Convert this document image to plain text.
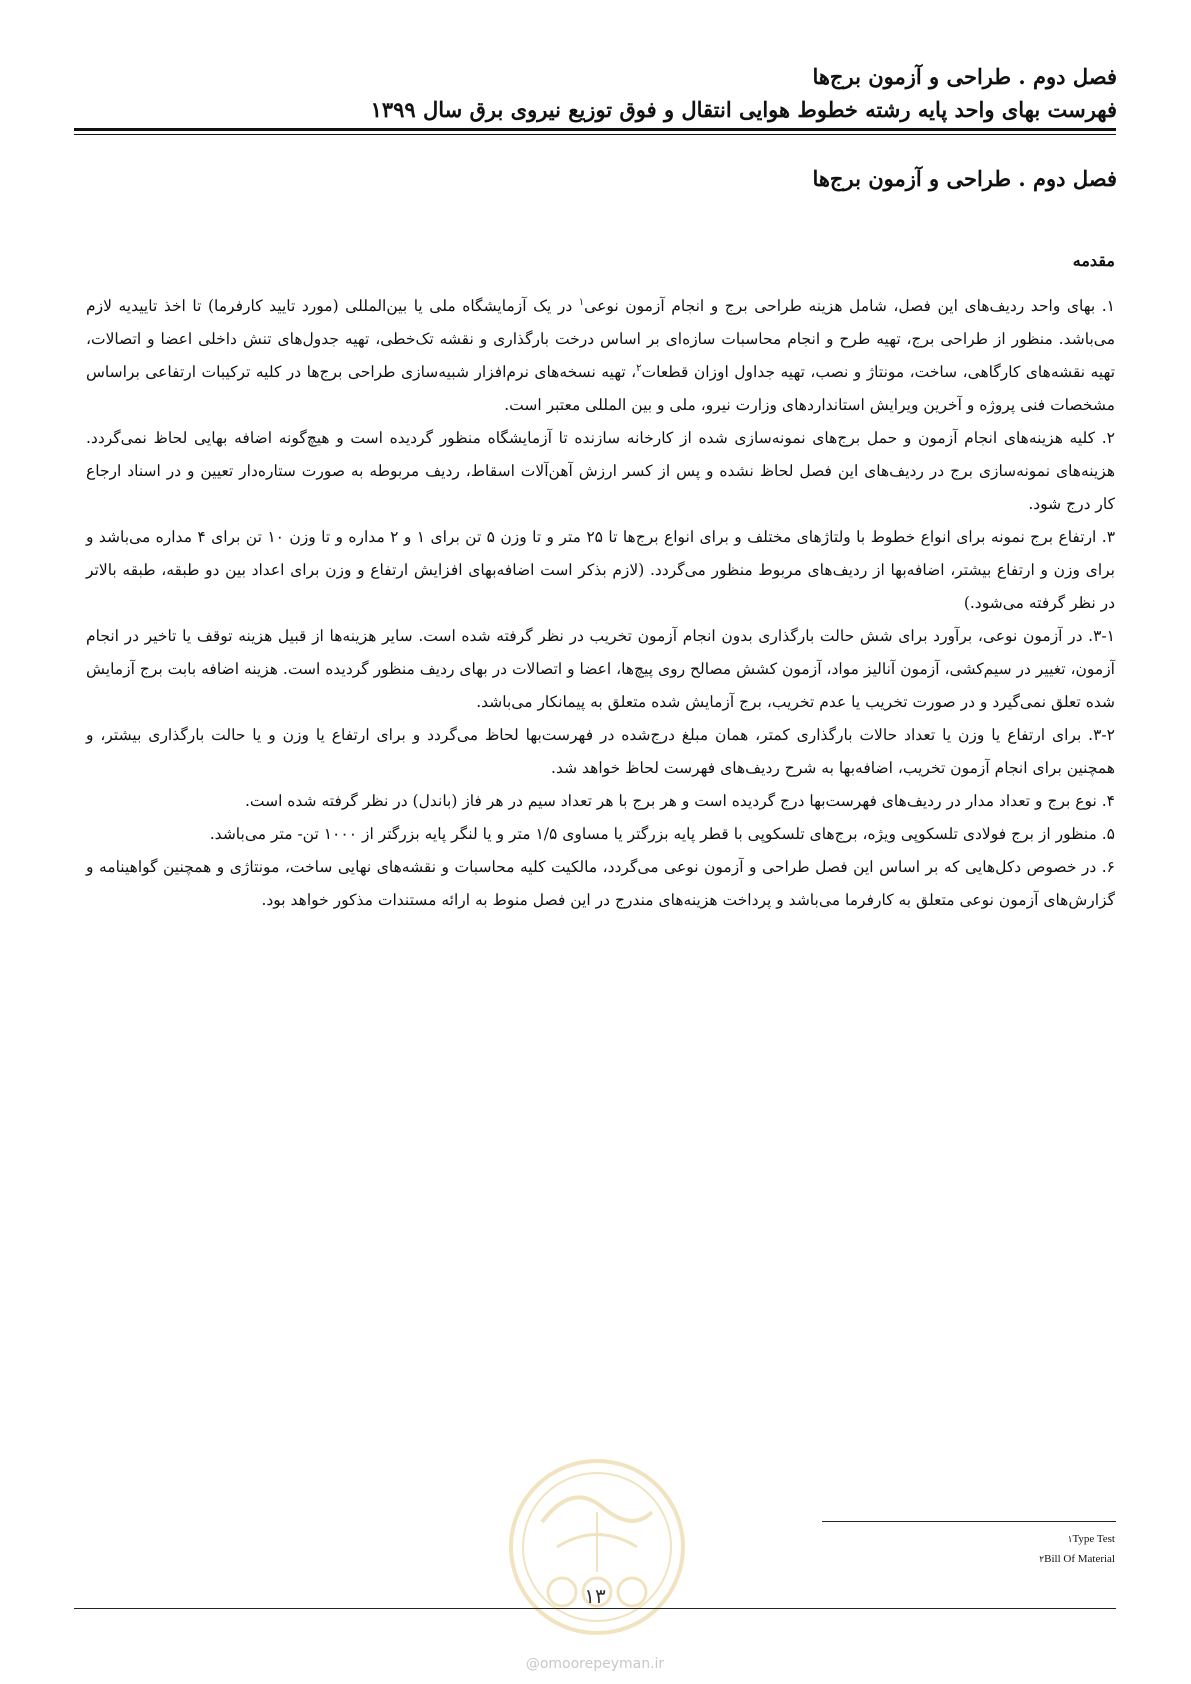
فصل دوم . طراحی و آزمون برج‌ها
فهرست بهای واحد پایه رشته خطوط هوایی انتقال و فوق توزیع نیروی برق سال ۱۳۹۹
فصل دوم . طراحی و آزمون برج‌ها
مقدمه

۱. بهای واحد ردیف‌های این فصل، شامل هزینه طراحی برج و انجام آزمون نوعی$^۱$ در یک آزمایشگاه ملی یا بین‌المللی (مورد تایید کارفرما) تا اخذ تاییدیه لازم می‌باشد. منظور از طراحی برج، تهیه طرح و انجام محاسبات سازه‌ای بر اساس درخت بارگذاری و نقشه تک‌خطی، تهیه جدول‌های تنش داخلی اعضا و اتصالات، تهیه نقشه‌های کارگاهی، ساخت، مونتاژ و نصب، تهیه جداول اوزان قطعات$^۲$، تهیه نسخه‌های نرم‌افزار شبیه‌سازی طراحی برج‌ها در کلیه ترکیبات ارتفاعی براساس مشخصات فنی پروژه و آخرین ویرایش استانداردهای وزارت نیرو، ملی و بین المللی معتبر است.

۲. کلیه هزینه‌های انجام آزمون و حمل برج‌های نمونه‌سازی شده از کارخانه سازنده تا آزمایشگاه منظور گردیده است و هیچ‌گونه اضافه بهایی لحاظ نمی‌گردد. هزینه‌های نمونه‌سازی برج در ردیف‌های این فصل لحاظ نشده و پس از کسر ارزش آهن‌آلات اسقاط، ردیف مربوطه به صورت ستاره‌دار تعیین و در اسناد ارجاع کار درج شود.

۳. ارتفاع برج نمونه برای انواع خطوط با ولتاژهای مختلف و برای انواع برج‌ها تا ۲۵ متر و تا وزن ۵ تن برای ۱ و ۲ مداره و تا وزن ۱۰ تن برای ۴ مداره می‌باشد و برای وزن و ارتفاع بیشتر، اضافه‌بها از ردیف‌های مربوط منظور می‌گردد. (لازم بذکر است اضافه‌بهای افزایش ارتفاع و وزن برای اعداد بین دو طبقه، طبقه بالاتر در نظر گرفته می‌شود.)

۳-۱. در آزمون نوعی، برآورد برای شش حالت بارگذاری بدون انجام آزمون تخریب در نظر گرفته شده است. سایر هزینه‌ها از قبیل هزینه توقف یا تاخیر در انجام آزمون، تغییر در سیم‌کشی، آزمون آنالیز مواد، آزمون کشش مصالح روی پیچ‌ها، اعضا و اتصالات در بهای ردیف منظور گردیده است. هزینه اضافه بابت برج آزمایش شده تعلق نمی‌گیرد و در صورت تخریب یا عدم تخریب، برج آزمایش شده متعلق به پیمانکار می‌باشد.

۳-۲. برای ارتفاع یا وزن یا تعداد حالات بارگذاری کمتر، همان مبلغ درج‌شده در فهرست‌بها لحاظ می‌گردد و برای ارتفاع یا وزن و یا حالت بارگذاری بیشتر، و همچنین برای انجام آزمون تخریب، اضافه‌بها به شرح ردیف‌های فهرست لحاظ خواهد شد.

۴. نوع برج و تعداد مدار در ردیف‌های فهرست‌بها درج گردیده است و هر برج با هر تعداد سیم در هر فاز (باندل) در نظر گرفته شده است.

۵. منظور از برج فولادی تلسکوپی ویژه، برج‌های تلسکوپی با قطر پایه بزرگتر یا مساوی ۱/۵ متر و یا لنگر پایه بزرگتر از ۱۰۰۰ تن- متر می‌باشد.

۶. در خصوص دکل‌هایی که بر اساس این فصل طراحی و آزمون نوعی می‌گردد، مالکیت کلیه محاسبات و نقشه‌های نهایی ساخت، مونتاژی و همچنین گواهینامه و گزارش‌های آزمون نوعی متعلق به کارفرما می‌باشد و پرداخت هزینه‌های مندرج در این فصل منوط به ارائه مستندات مذکور خواهد بود.

۱Type Test
۲Bill Of Material
۱۳
@omoorepeyman.ir
